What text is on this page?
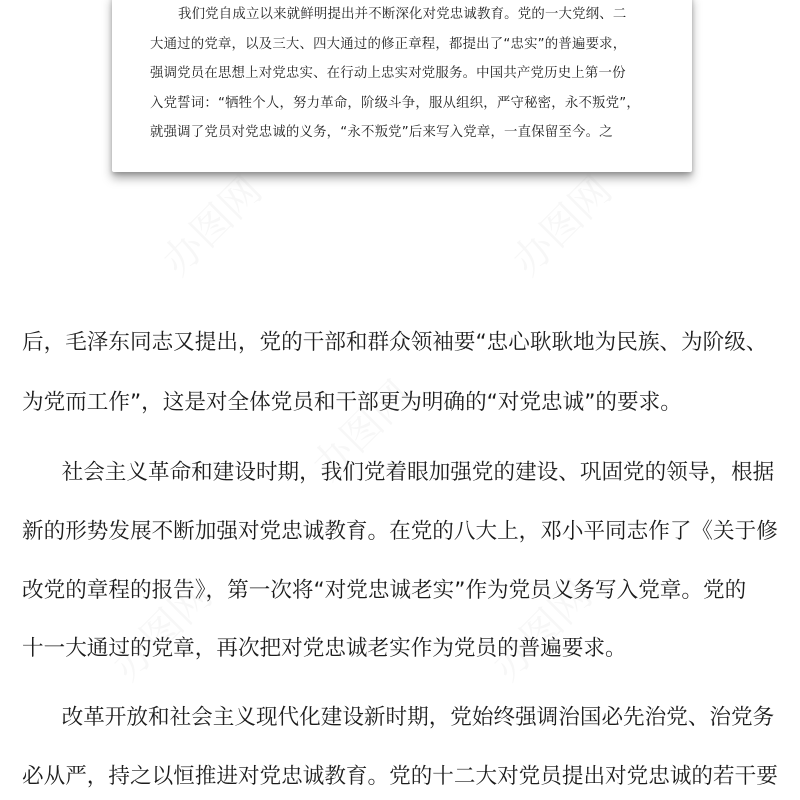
我们党自成立以来就鲜明提出并不断深化对党忠诚教育。党的一大党纲、二
大通过的党章，以及三大、四大通过的修正章程，都提出了“忠实”的普遍要求，
强调党员在思想上对党忠实、在行动上忠实对党服务。中国共产党历史上第一份
入党誓词：“牺牲个人，努力革命，阶级斗争，服从组织，严守秘密，永不叛党”，
就强调了党员对党忠诚的义务，“永不叛党”后来写入党章，一直保留至今。之
后，毛泽东同志又提出，党的干部和群众领袖要“忠心耿耿地为民族、为阶级、
为党而工作”，这是对全体党员和干部更为明确的“对党忠诚”的要求。
　社会主义革命和建设时期，我们党着眼加强党的建设、巩固党的领导，根据
新的形势发展不断加强对党忠诚教育。在党的八大上，邓小平同志作了《关于修
改党的章程的报告》，第一次将“对党忠诚老实”作为党员义务写入党章。党的
十一大通过的党章，再次把对党忠诚老实作为党员的普遍要求。
　改革开放和社会主义现代化建设新时期，党始终强调治国必先治党、治党务
必从严，持之以恒推进对党忠诚教育。党的十二大对党员提出对党忠诚的若干要
办图网	办图网
办图网
办图网	办图网
